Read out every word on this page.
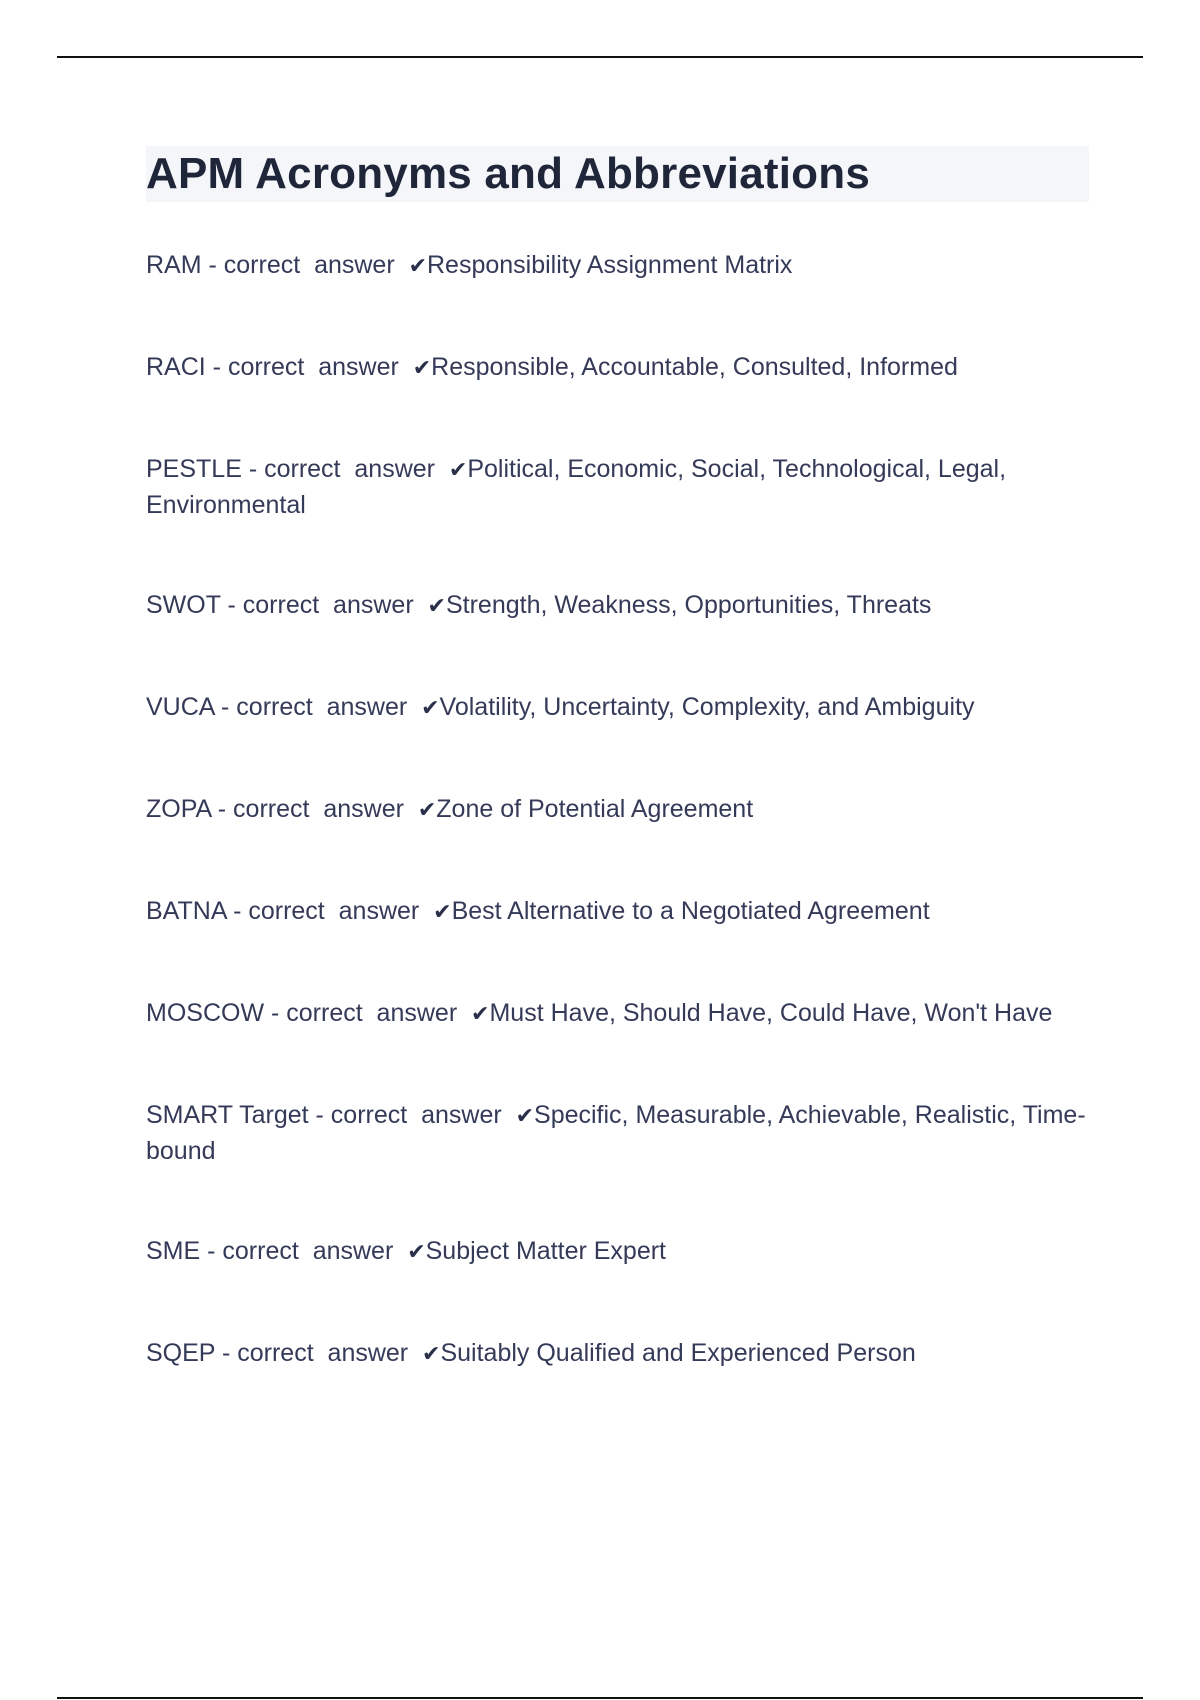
APM Acronyms and Abbreviations
RAM - correct  answer  ✔Responsibility Assignment Matrix
RACI - correct  answer  ✔Responsible, Accountable, Consulted, Informed
PESTLE - correct  answer  ✔Political, Economic, Social, Technological, Legal, Environmental
SWOT - correct  answer  ✔Strength, Weakness, Opportunities, Threats
VUCA - correct  answer  ✔Volatility, Uncertainty, Complexity, and Ambiguity
ZOPA - correct  answer  ✔Zone of Potential Agreement
BATNA - correct  answer  ✔Best Alternative to a Negotiated Agreement
MOSCOW - correct  answer  ✔Must Have, Should Have, Could Have, Won't Have
SMART Target - correct  answer  ✔Specific, Measurable, Achievable, Realistic, Time-bound
SME - correct  answer  ✔Subject Matter Expert
SQEP - correct  answer  ✔Suitably Qualified and Experienced Person
